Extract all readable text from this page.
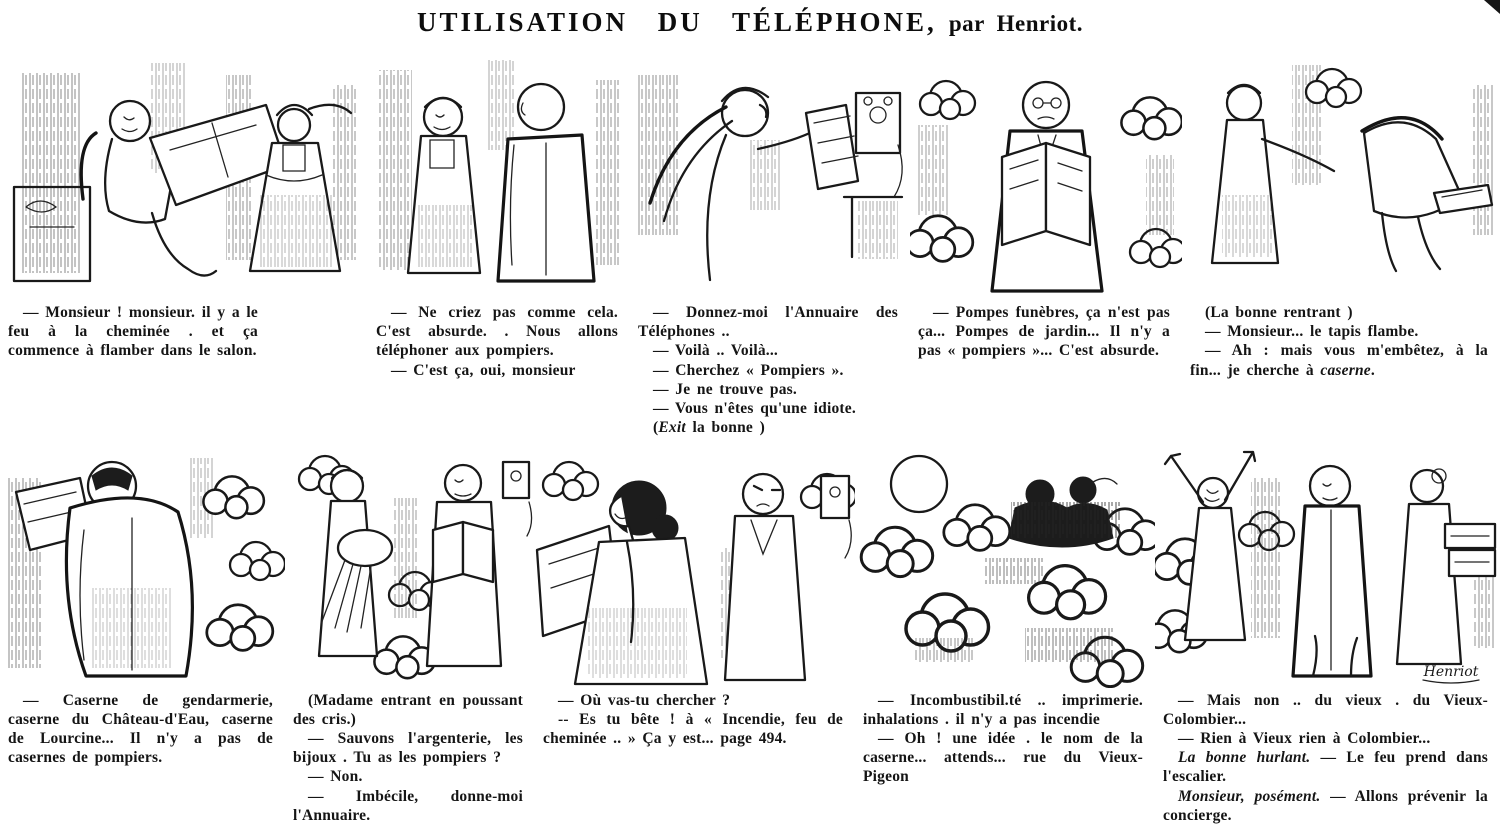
UTILISATION DU TÉLÉPHONE, par Henriot.

— Monsieur ! monsieur. il y a le feu à la cheminée . et ça commence à flamber dans le salon.

— Ne criez pas comme cela. C'est absurde. . Nous allons téléphoner aux pompiers.

— C'est ça, oui, monsieur

— Donnez-moi l'Annuaire des Téléphones ..

— Voilà .. Voilà...

— Cherchez « Pompiers ».

— Je ne trouve pas.

— Vous n'êtes qu'une idiote.

(Exit la bonne )

— Pompes funèbres, ça n'est pas ça... Pompes de jardin... Il n'y a pas « pompiers »... C'est absurde.

(La bonne rentrant )

— Monsieur... le tapis flambe.

— Ah : mais vous m'embêtez, à la fin... je cherche à caserne.

— Caserne de gendarmerie, caserne du Château-d'Eau, caserne de Lourcine... Il n'y a pas de casernes de pompiers.

(Madame entrant en poussant des cris.)

— Sauvons l'argenterie, les bijoux . Tu as les pompiers ?

— Non.

— Imbécile, donne-moi l'Annuaire.

— Où vas-tu chercher ?

-- Es tu bête ! à « Incendie, feu de cheminée .. » Ça y est... page 494.

— Incombustibil.té .. imprimerie. inhalations . il n'y a pas incendie

— Oh ! une idée . le nom de la caserne... attends... rue du Vieux-Pigeon

Henriot

— Mais non .. du vieux . du Vieux-Colombier...

— Rien à Vieux rien à Colombier...

La bonne hurlant. — Le feu prend dans l'escalier.

Monsieur, posément. — Allons prévenir la concierge.
